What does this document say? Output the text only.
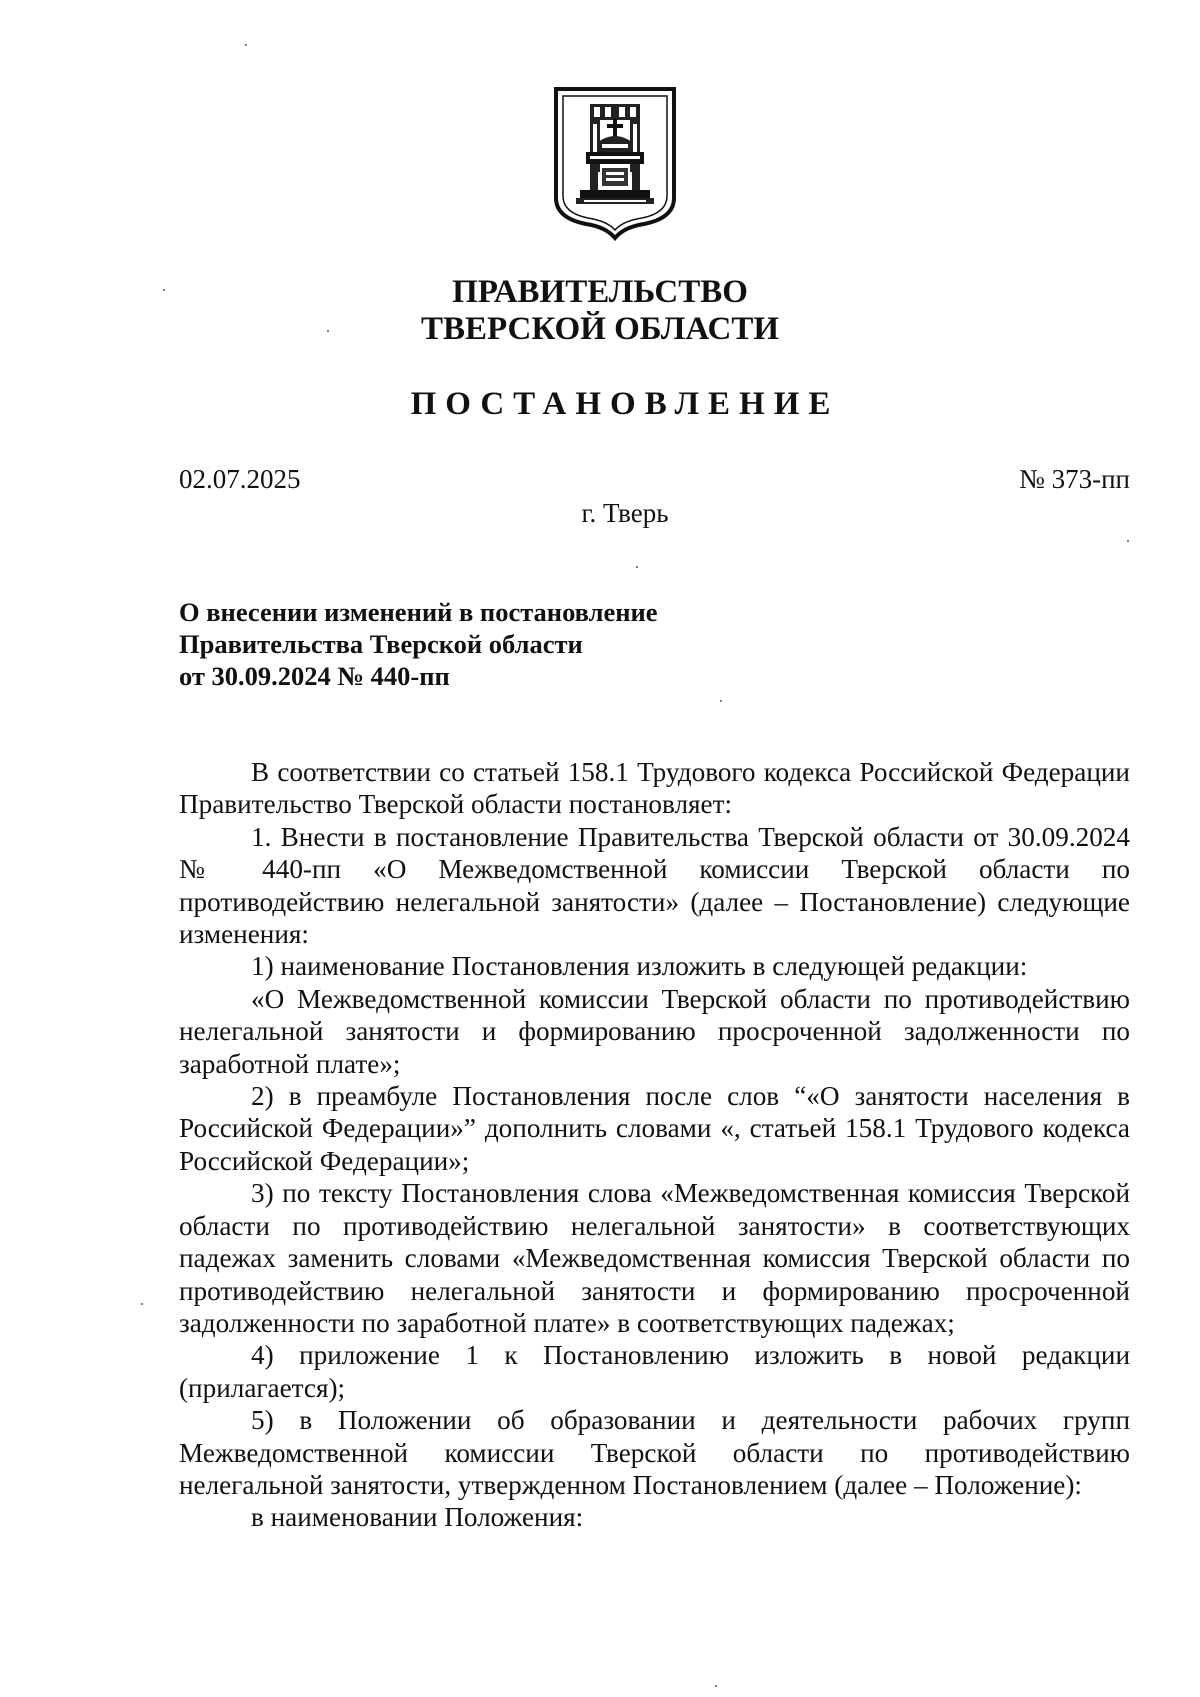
ПРАВИТЕЛЬСТВО
ТВЕРСКОЙ ОБЛАСТИ
ПОСТАНОВЛЕНИЕ
02.07.2025	№ 373-пп
г. Тверь
О внесении изменений в постановление
Правительства Тверской области
от 30.09.2024 № 440-пп

В соответствии со статьей 158.1 Трудового кодекса Российской Федерации Правительство Тверской области постановляет:

1. Внести в постановление Правительства Тверской области от 30.09.2024 № 440-пп «О Межведомственной комиссии Тверской области по противодействию нелегальной занятости» (далее – Постановление) следующие изменения:

1) наименование Постановления изложить в следующей редакции:

«О Межведомственной комиссии Тверской области по противодействию нелегальной занятости и формированию просроченной задолженности по заработной плате»;

2) в преамбуле Постановления после слов “«О занятости населения в Российской Федерации»” дополнить словами «, статьей 158.1 Трудового кодекса Российской Федерации»;

3) по тексту Постановления слова «Межведомственная комиссия Тверской области по противодействию нелегальной занятости» в соответствующих падежах заменить словами «Межведомственная комиссия Тверской области по противодействию нелегальной занятости и формированию просроченной задолженности по заработной плате» в соответствующих падежах;

4) приложение 1 к Постановлению изложить в новой редакции (прилагается);

5) в Положении об образовании и деятельности рабочих групп Межведомственной комиссии Тверской области по противодействию нелегальной занятости, утвержденном Постановлением (далее – Положение):

в наименовании Положения:
